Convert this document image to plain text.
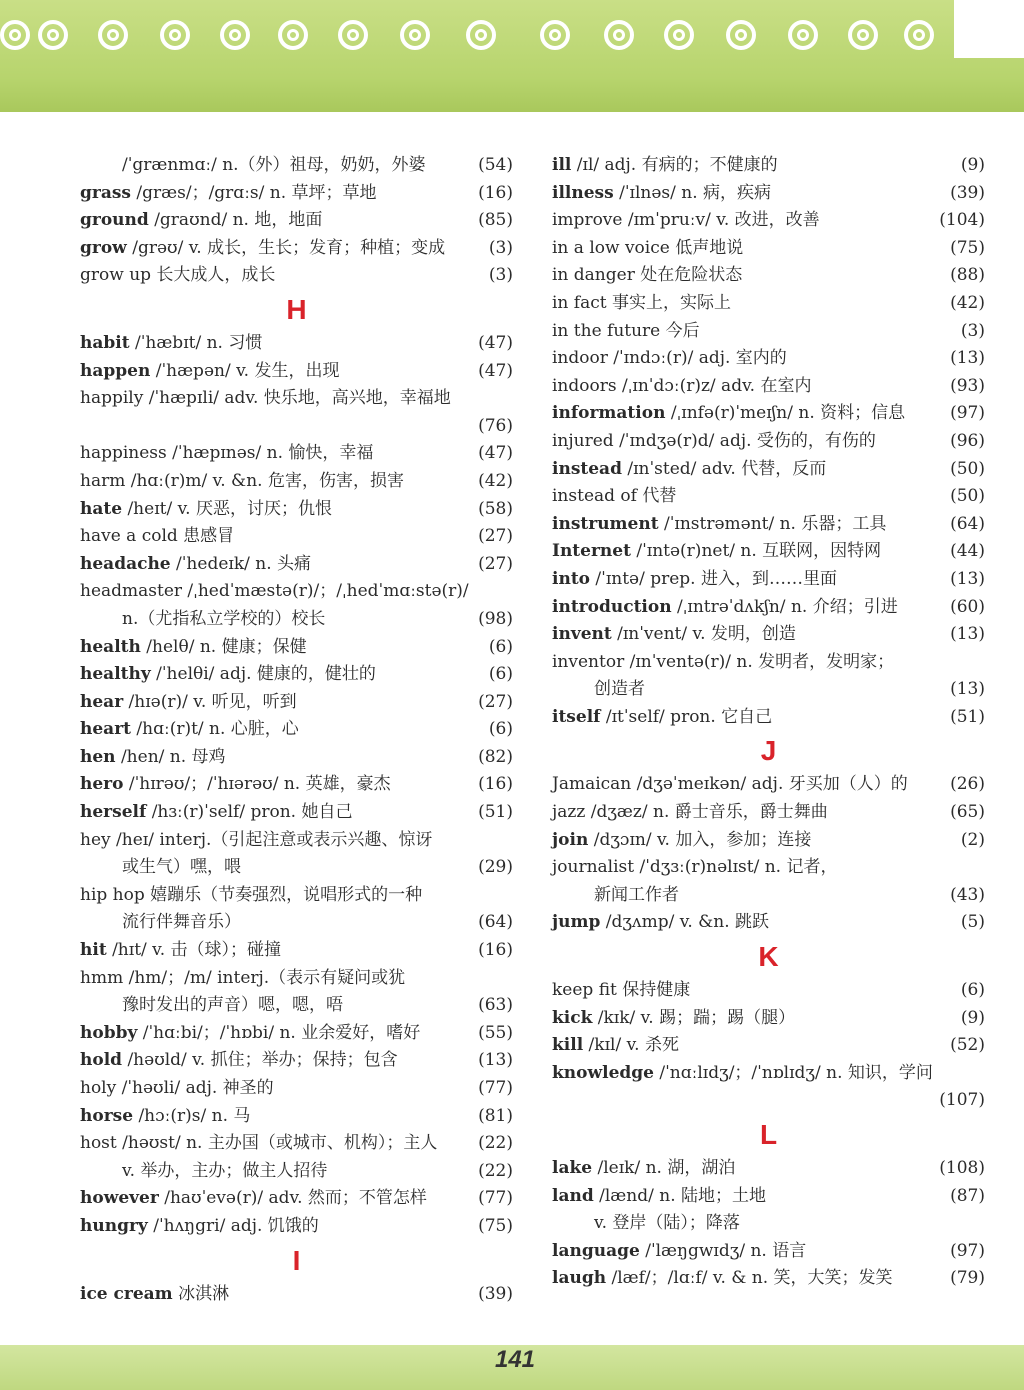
/ˈgrænmɑː/ n.（外）祖母，奶奶，外婆	(54)
grass /græs/；/grɑːs/ n. 草坪；草地	(16)
ground /graʊnd/ n. 地，地面	(85)
grow /grəʊ/ v. 成长，生长；发育；种植；变成	(3)
grow up 长大成人，成长	(3)
H
habit /ˈhæbɪt/ n. 习惯	(47)
happen /ˈhæpən/ v. 发生，出现	(47)
happily /ˈhæpɪli/ adv. 快乐地，高兴地，幸福地
(76)
happiness /ˈhæpɪnəs/ n. 愉快，幸福	(47)
harm /hɑː(r)m/ v. &n. 危害，伤害，损害	(42)
hate /heɪt/ v. 厌恶，讨厌；仇恨	(58)
have a cold 患感冒	(27)
headache /ˈhedeɪk/ n. 头痛	(27)
headmaster /ˌhedˈmæstə(r)/；/ˌhedˈmɑːstə(r)/
n.（尤指私立学校的）校长	(98)
health /helθ/ n. 健康；保健	(6)
healthy /ˈhelθi/ adj. 健康的，健壮的	(6)
hear /hɪə(r)/ v. 听见，听到	(27)
heart /hɑː(r)t/ n. 心脏，心	(6)
hen /hen/ n. 母鸡	(82)
hero /ˈhɪrəʊ/；/ˈhɪərəʊ/ n. 英雄，豪杰	(16)
herself /hɜː(r)ˈself/ pron. 她自己	(51)
hey /heɪ/ interj.（引起注意或表示兴趣、惊讶
或生气）嘿，喂	(29)
hip hop 嬉蹦乐（节奏强烈，说唱形式的一种
流行伴舞音乐）	(64)
hit /hɪt/ v. 击（球）；碰撞	(16)
hmm /hm/；/m/ interj.（表示有疑问或犹
豫时发出的声音）嗯，嗯，唔	(63)
hobby /ˈhɑːbi/；/ˈhɒbi/ n. 业余爱好，嗜好	(55)
hold /həʊld/ v. 抓住；举办；保持；包含	(13)
holy /ˈhəʊli/ adj. 神圣的	(77)
horse /hɔː(r)s/ n. 马	(81)
host /həʊst/ n. 主办国（或城市、机构）；主人 (22)
v. 举办，主办；做主人招待	(22)
however /haʊˈevə(r)/ adv. 然而；不管怎样	(77)
hungry /ˈhʌŋgri/ adj. 饥饿的	(75)
I
ice cream 冰淇淋	(39)
ill /ɪl/ adj. 有病的；不健康的	(9)
illness /ˈɪlnəs/ n. 病，疾病	(39)
improve /ɪmˈpruːv/ v. 改进，改善	(104)
in a low voice 低声地说	(75)
in danger 处在危险状态	(88)
in fact 事实上，实际上	(42)
in the future 今后	(3)
indoor /ˈɪndɔː(r)/ adj. 室内的	(13)
indoors /ˌɪnˈdɔː(r)z/ adv. 在室内	(93)
information /ˌɪnfə(r)ˈmeɪʃn/ n. 资料；信息	(97)
injured /ˈɪndʒə(r)d/ adj. 受伤的，有伤的	(96)
instead /ɪnˈsted/ adv. 代替，反而	(50)
instead of 代替	(50)
instrument /ˈɪnstrəmənt/ n. 乐器；工具	(64)
Internet /ˈɪntə(r)net/ n. 互联网，因特网	(44)
into /ˈɪntə/ prep. 进入，到……里面	(13)
introduction /ˌɪntrəˈdʌkʃn/ n. 介绍；引进	(60)
invent /ɪnˈvent/ v. 发明，创造	(13)
inventor /ɪnˈventə(r)/ n. 发明者，发明家；
创造者	(13)
itself /ɪtˈself/ pron. 它自己	(51)
J
Jamaican /dʒəˈmeɪkən/ adj. 牙买加（人）的 (26)
jazz /dʒæz/ n. 爵士音乐，爵士舞曲	(65)
join /dʒɔɪn/ v. 加入，参加；连接	(2)
journalist /ˈdʒɜː(r)nəlɪst/ n. 记者，
新闻工作者	(43)
jump /dʒʌmp/ v. &n. 跳跃	(5)
K
keep fit 保持健康	(6)
kick /kɪk/ v. 踢；踹；踢（腿）	(9)
kill /kɪl/ v. 杀死	(52)
knowledge /ˈnɑːlɪdʒ/；/ˈnɒlɪdʒ/ n. 知识，学问
(107)
L
lake /leɪk/ n. 湖，湖泊	(108)
land /lænd/ n. 陆地；土地	(87)
v. 登岸（陆）；降落
language /ˈlæŋgwɪdʒ/ n. 语言	(97)
laugh /læf/；/lɑːf/ v. & n. 笑，大笑；发笑	(79)
141
